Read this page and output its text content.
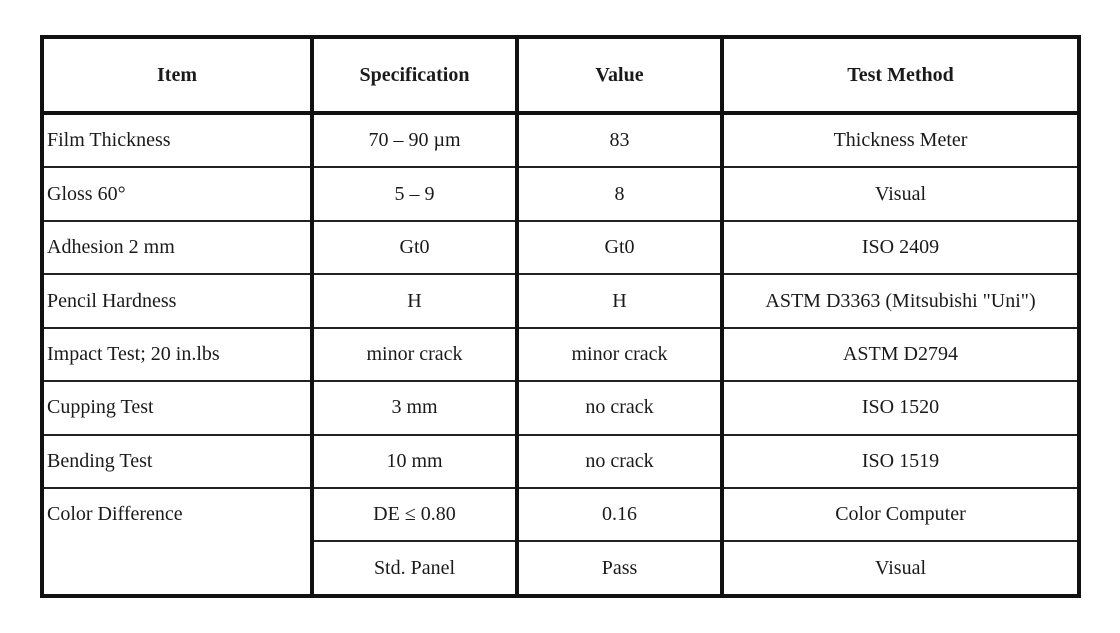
Item	Specification	Value	Test Method
Film Thickness	70 – 90 µm	83	Thickness Meter
Gloss 60°	5 – 9	8	Visual
Adhesion 2 mm	Gt0	Gt0	ISO 2409
Pencil Hardness	H	H	ASTM D3363 (Mitsubishi "Uni")
Impact Test; 20 in.lbs	minor crack	minor crack	ASTM D2794
Cupping Test	3 mm	no crack	ISO 1520
Bending Test	10 mm	no crack	ISO 1519
Color Difference	DE ≤ 0.80	0.16	Color Computer
	Std. Panel	Pass	Visual
